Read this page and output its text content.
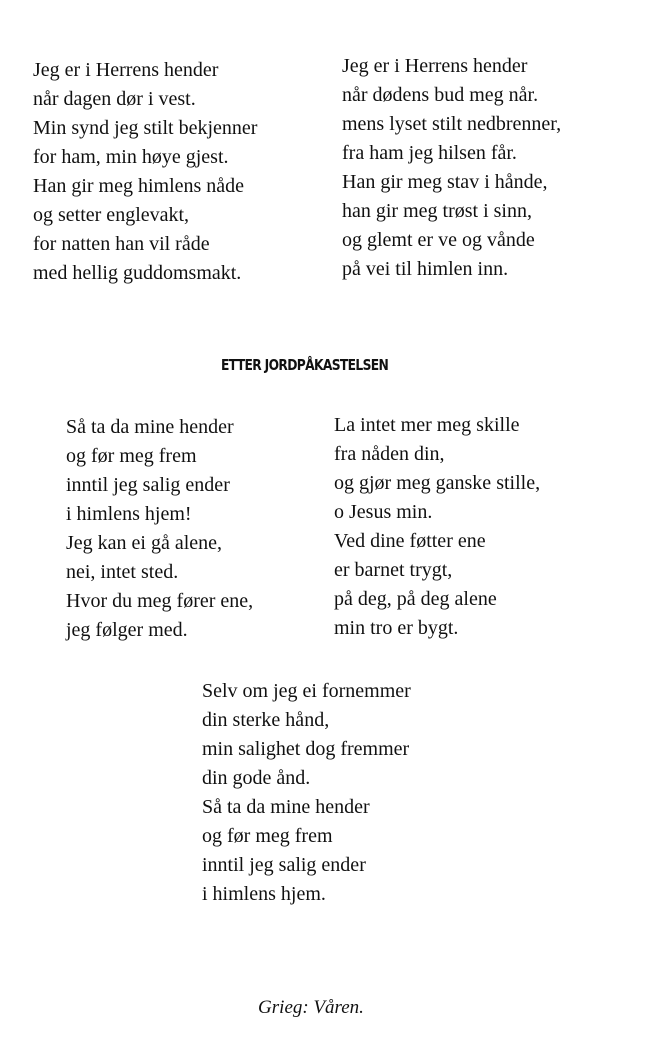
Jeg er i Herrens hender
når dagen dør i vest.
Min synd jeg stilt bekjenner
for ham, min høye gjest.
Han gir meg himlens nåde
og setter englevakt,
for natten han vil råde
med hellig guddomsmakt.
Jeg er i Herrens hender
når dødens bud meg når.
mens lyset stilt nedbrenner,
fra ham jeg hilsen får.
Han gir meg stav i hånde,
han gir meg trøst i sinn,
og glemt er ve og vånde
på vei til himlen inn.
ETTER JORDPÅKASTELSEN
Så ta da mine hender
og før meg frem
inntil jeg salig ender
i himlens hjem!
Jeg kan ei gå alene,
nei, intet sted.
Hvor du meg fører ene,
jeg følger med.
La intet mer meg skille
fra nåden din,
og gjør meg ganske stille,
o Jesus min.
Ved dine føtter ene
er barnet trygt,
på deg, på deg alene
min tro er bygt.
Selv om jeg ei fornemmer
din sterke hånd,
min salighet dog fremmer
din gode ånd.
Så ta da mine hender
og før meg frem
inntil jeg salig ender
i himlens hjem.
Grieg: Våren.
